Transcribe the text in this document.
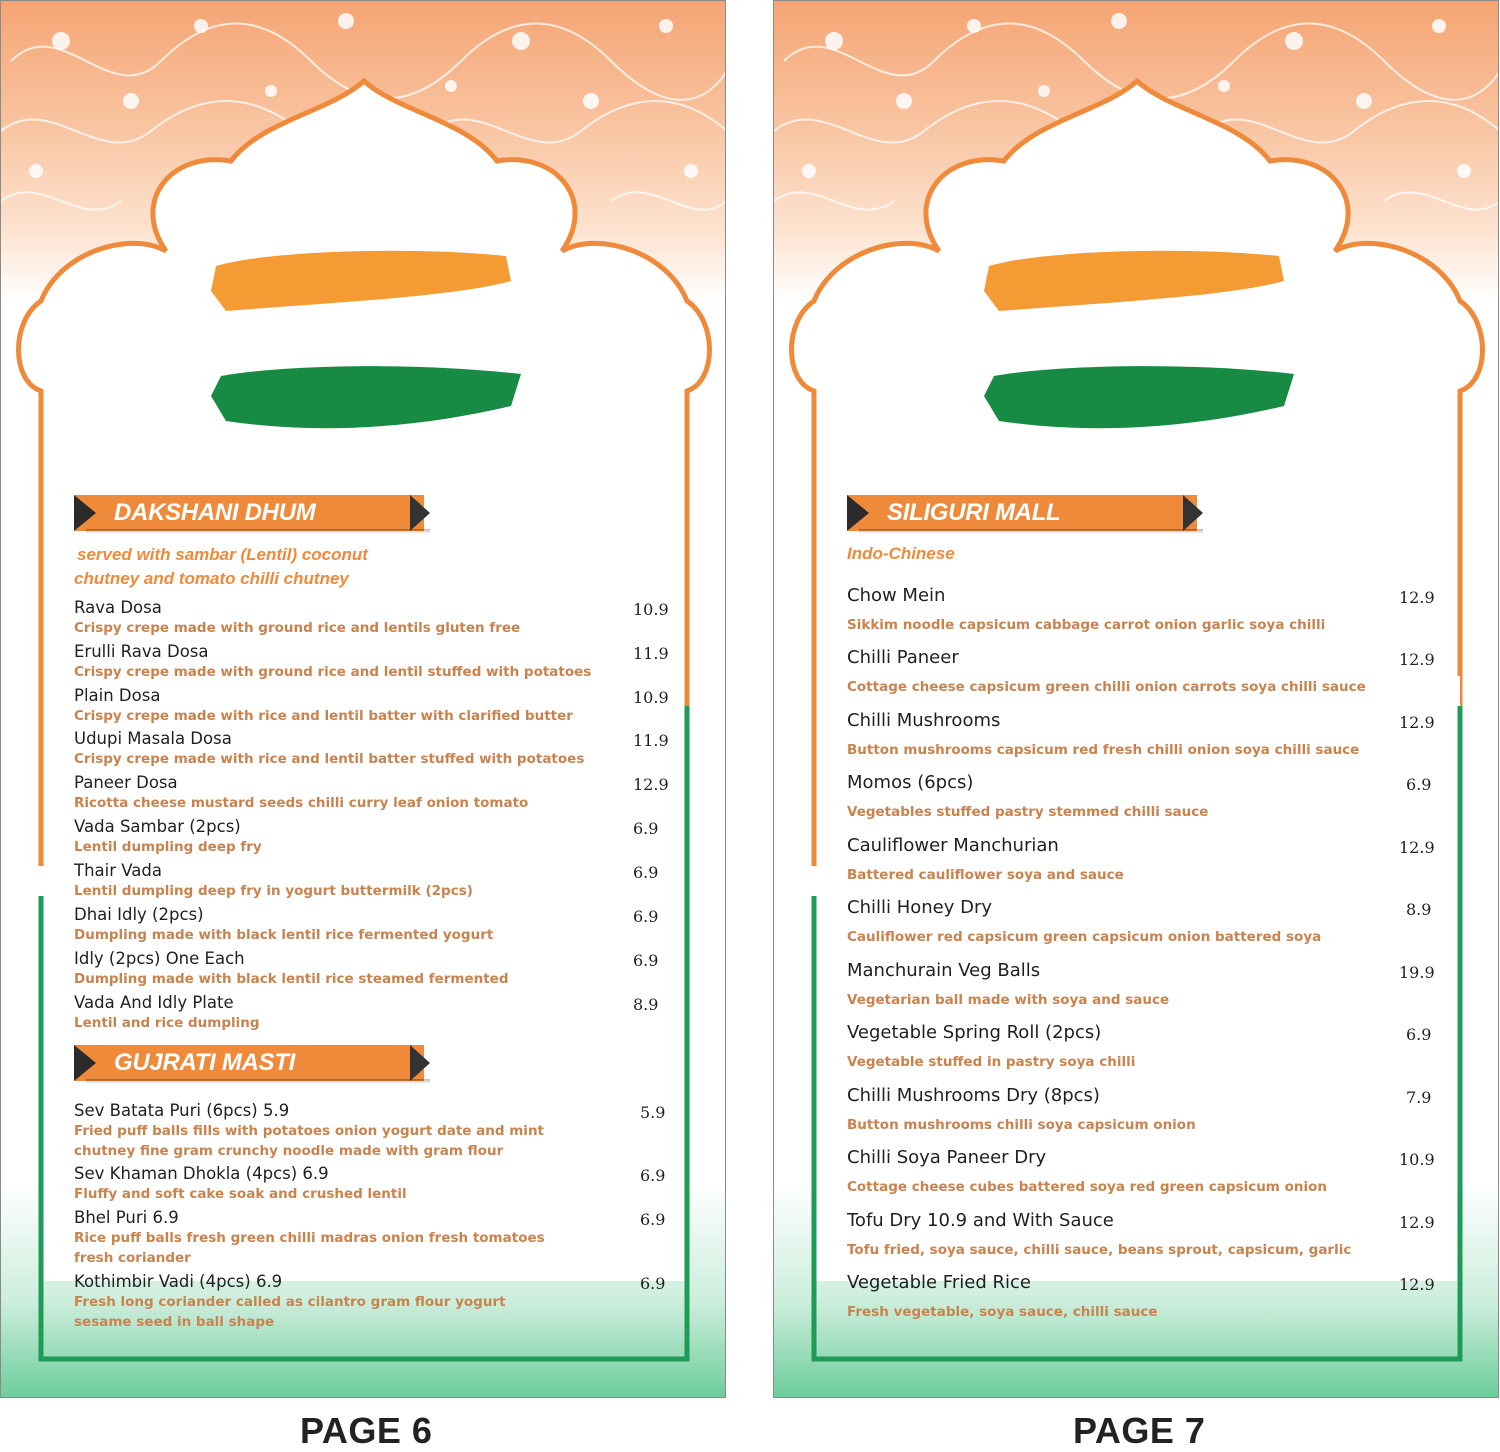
DAKSHANI DHUM
served with sambar (Lentil) coconut
chutney and tomato chilli chutney
Rava Dosa
Crispy crepe made with ground rice and lentils gluten free
10.9
Erulli Rava Dosa
Crispy crepe made with ground rice and lentil stuffed with potatoes
11.9
Plain Dosa
Crispy crepe made with rice and lentil batter with clarified butter
10.9
Udupi Masala Dosa
Crispy crepe made with rice and lentil batter stuffed with potatoes
11.9
Paneer Dosa
Ricotta cheese mustard seeds chilli curry leaf onion tomato
12.9
Vada Sambar (2pcs)
Lentil dumpling deep fry
6.9
Thair Vada
Lentil dumpling deep fry in yogurt buttermilk (2pcs)
6.9
Dhai Idly (2pcs)
Dumpling made with black lentil rice fermented yogurt
6.9
Idly (2pcs) One Each
Dumpling made with black lentil rice steamed fermented
6.9
Vada And Idly Plate
Lentil and rice dumpling
8.9
GUJRATI MASTI
Sev Batata Puri (6pcs) 5.9
Fried puff balls fills with potatoes onion yogurt date and mint chutney fine gram crunchy noodle made with gram flour
5.9
Sev Khaman Dhokla (4pcs) 6.9
Fluffy and soft cake soak and crushed lentil
6.9
Bhel Puri 6.9
Rice puff balls fresh green chilli madras onion fresh tomatoes fresh coriander
6.9
Kothimbir Vadi (4pcs) 6.9
Fresh long coriander called as cilantro gram flour yogurt sesame seed in ball shape
6.9
SILIGURI MALL
Indo-Chinese
Chow Mein
Sikkim noodle capsicum cabbage carrot onion garlic soya chilli
12.9
Chilli Paneer
Cottage cheese capsicum green chilli onion carrots soya chilli sauce
12.9
Chilli Mushrooms
Button mushrooms capsicum red fresh chilli onion soya chilli sauce
12.9
Momos (6pcs)
Vegetables stuffed pastry stemmed chilli sauce
6.9
Cauliflower Manchurian
Battered cauliflower soya and sauce
12.9
Chilli Honey Dry
Cauliflower red capsicum green capsicum onion battered soya
8.9
Manchurain Veg Balls
Vegetarian ball made with soya and sauce
19.9
Vegetable Spring Roll (2pcs)
Vegetable stuffed in pastry soya chilli
6.9
Chilli Mushrooms Dry (8pcs)
Button mushrooms chilli soya capsicum onion
7.9
Chilli Soya Paneer Dry
Cottage cheese cubes battered soya red green capsicum onion
10.9
Tofu Dry 10.9 and With Sauce
Tofu fried, soya sauce, chilli sauce, beans sprout, capsicum, garlic
12.9
Vegetable Fried Rice
Fresh vegetable, soya sauce, chilli sauce
12.9
PAGE 6	PAGE 7
